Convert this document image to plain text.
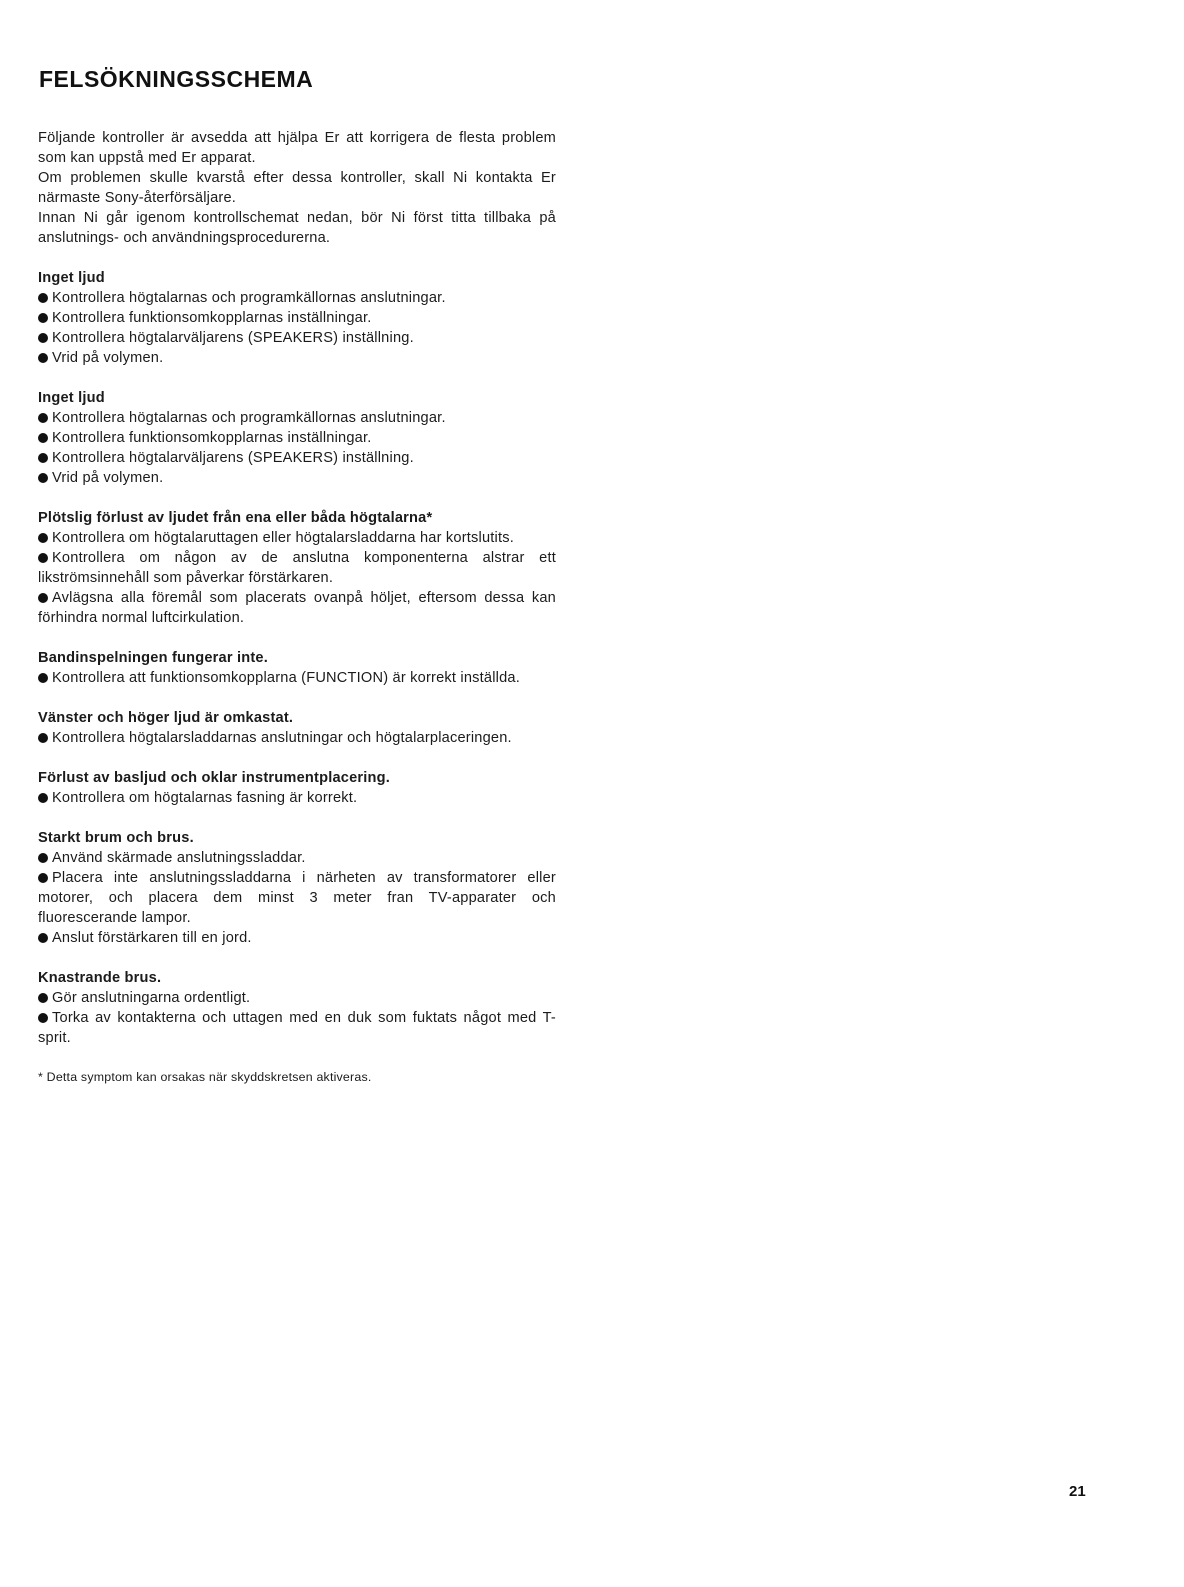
FELSÖKNINGSSCHEMA

Följande kontroller är avsedda att hjälpa Er att korrigera de flesta problem som kan uppstå med Er apparat.

Om problemen skulle kvarstå efter dessa kontroller, skall Ni kontakta Er närmaste Sony-återförsäljare.

Innan Ni går igenom kontrollschemat nedan, bör Ni först titta tillbaka på anslutnings- och användningsprocedurerna.

Inget ljud

Kontrollera högtalarnas och programkällornas anslutningar.

Kontrollera funktionsomkopplarnas inställningar.

Kontrollera högtalarväljarens (SPEAKERS) inställning.

Vrid på volymen.

Inget ljud

Kontrollera högtalarnas och programkällornas anslutningar.

Kontrollera funktionsomkopplarnas inställningar.

Kontrollera högtalarväljarens (SPEAKERS) inställning.

Vrid på volymen.

Plötslig förlust av ljudet från ena eller båda högtalarna*

Kontrollera om högtalaruttagen eller högtalarsladdarna har kortslutits.

Kontrollera om någon av de anslutna komponenterna alstrar ett likströmsinnehåll som påverkar förstärkaren.

Avlägsna alla föremål som placerats ovanpå höljet, eftersom dessa kan förhindra normal luftcirkulation.

Bandinspelningen fungerar inte.

Kontrollera att funktionsomkopplarna (FUNCTION) är korrekt inställda.

Vänster och höger ljud är omkastat.

Kontrollera högtalarsladdarnas anslutningar och högtalarplaceringen.

Förlust av basljud och oklar instrumentplacering.

Kontrollera om högtalarnas fasning är korrekt.

Starkt brum och brus.

Använd skärmade anslutningssladdar.

Placera inte anslutningssladdarna i närheten av transformatorer eller motorer, och placera dem minst 3 meter fran TV-apparater och fluorescerande lampor.

Anslut förstärkaren till en jord.

Knastrande brus.

Gör anslutningarna ordentligt.

Torka av kontakterna och uttagen med en duk som fuktats något med T-sprit.

* Detta symptom kan orsakas när skyddskretsen aktiveras.
21
